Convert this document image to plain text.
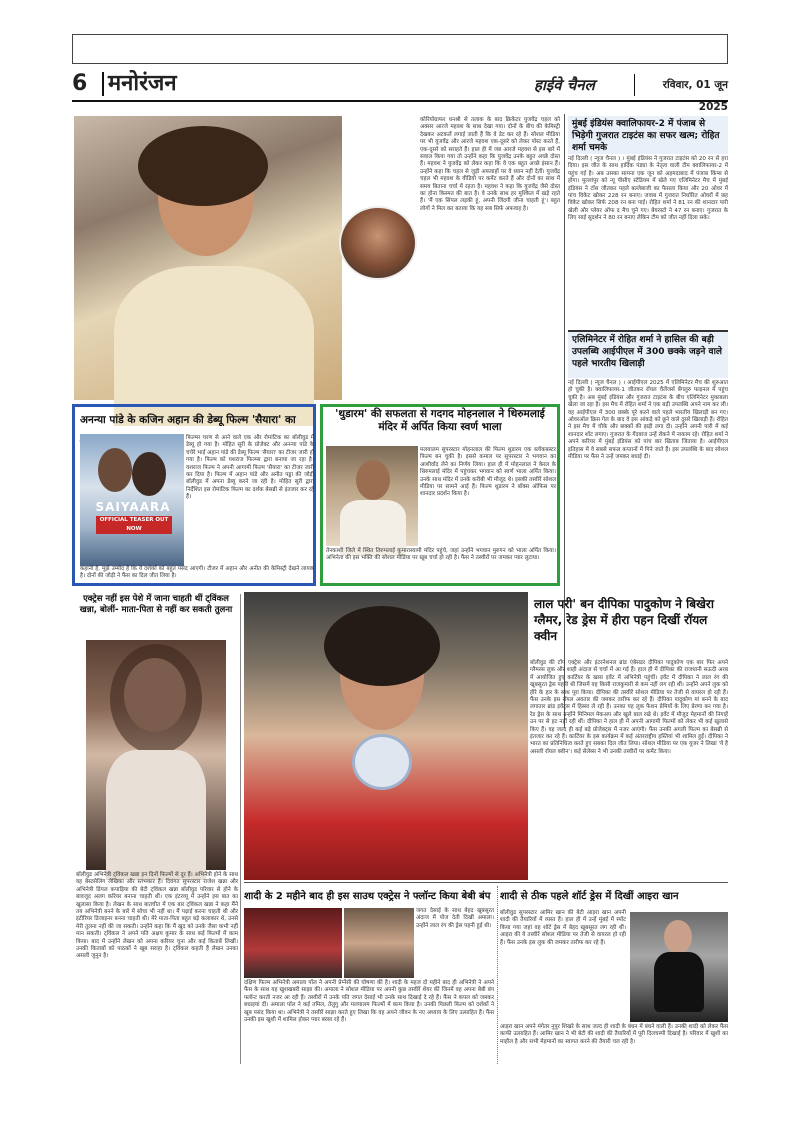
6 मनोरंजन	हाईवे चैनल	रविवार, 01 जून 2025
कोरियोग्राफर धनश्री से तलाक के बाद क्रिकेटर युजवेंद्र चहल को अक्सर आरजे महवश के साथ देखा गया। दोनों के बीच की केमिस्ट्री देखकर अटकलें लगाई जाती हैं कि वे डेट कर रहे हैं। सोशल मीडिया पर भी युजवेंद्र और आरजे महवश एक-दूसरे को लेकर पोस्ट करते हैं, एक-दूसरे को सराहते हैं। हाल ही में जब आरजे महवश से इस बारे में सवाल किया गया तो उन्होंने कहा कि युजवेंद्र उनके बहुत अच्छे दोस्त हैं। महवश ने युजवेंद्र को लेकर कहा कि वे एक बहुत अच्छे इंसान हैं। उन्होंने कहा कि चहल से जुड़ी अफवाहों पर वे ध्यान नहीं देतीं। युजवेंद्र चहल भी महवश के वीडियो पर कमेंट करते हैं और दोनों का साथ में समय बिताना चर्चा में रहता है। महवश ने कहा कि युजवेंद्र जैसे दोस्त का होना किस्मत की बात है। वे उनके साथ हर मुश्किल में खड़े रहते हैं। 'मैं एक सिंपल लड़की हूं, अपनी जिंदगी जीना चाहती हूं'। बहुत लोगों ने मिल कर बताया कि यह सब सिर्फ अफवाह है।
मुंबई इंडियंस क्वालिफायर-2 में पंजाब से भिड़ेगी गुजरात टाइटंस का सफर खत्म; रोहित शर्मा चमके
नई दिल्ली ( न्यूज चैनल ) । मुंबई इंडियंस ने गुजरात टाइटंस को 20 रन से हरा दिया। इस जीत के साथ हार्दिक पंड्या के नेतृत्व वाली टीम क्वालिफायर-2 में पहुंच गई है। अब उसका सामना एक जून को अहमदाबाद में पंजाब किंग्स से होगा। मुल्लांपुर को न्यू पीसीए स्टेडियम में खेले गए एलिमिनेटर मैच में मुंबई इंडियंस ने टॉस जीतकर पहले बल्लेबाजी का फैसला किया और 20 ओवर में पांच विकेट खोकर 228 रन बनाए। जवाब में गुजरात निर्धारित ओवरों में छह विकेट खोकर सिर्फ 208 रन बना पाई। रोहित शर्मा ने 81 रन की शानदार पारी खेली और प्लेयर ऑफ द मैच चुने गए। बेयरस्टो ने 47 रन बनाए। गुजरात के लिए साई सुदर्शन ने 80 रन बनाए लेकिन टीम को जीत नहीं दिला सके।
एलिमिनेटर में रोहित शर्मा ने हासिल की बड़ी उपलब्धि आईपीएल में 300 छक्के जड़ने वाले पहले भारतीय खिलाड़ी
नई दिल्ली ( न्यूज चैनल ) । आईपीएल 2025 में एलिमिनेटर मैच की शुरुआत हो चुकी है। क्वालिफायर-1 जीतकर रॉयल चैलेंजर्स बेंगलुरु फाइनल में पहुंच चुकी है। अब मुंबई इंडियंस और गुजरात टाइटंस के बीच एलिमिनेटर मुकाबला खेला जा रहा है। इस मैच में रोहित शर्मा ने एक बड़ी उपलब्धि अपने नाम कर ली। वह आईपीएल में 300 छक्के पूरे करने वाले पहले भारतीय खिलाड़ी बन गए। ओवरऑल क्रिस गेल के बाद वे इस आंकड़े को छूने वाले दूसरे खिलाड़ी हैं। रोहित ने इस मैच में चौके और छक्कों की झड़ी लगा दी। उन्होंने अपनी पारी में कई शानदार शॉट लगाए। गुजरात के गेंदबाज उन्हें रोकने में नाकाम रहे। रोहित शर्मा ने अपने करियर में मुंबई इंडियंस को पांच बार खिताब जिताया है। आईपीएल इतिहास में वे सबसे सफल कप्तानों में गिने जाते हैं। इस उपलब्धि के बाद सोशल मीडिया पर फैंस ने उन्हें जमकर बधाई दी।
अनन्या पांडे के कजिन अहान की डेब्यू फिल्म 'सैयारा' का
SAIYAARA
OFFICIAL TEASER OUT NOW
फिल्म्स चरण से आने वाले एक और रोमांटिक का बॉलीवुड में डेब्यू हो गया है। मोहित सूरी के प्रोजेक्ट और अनन्या पांडे के चचेरे भाई अहान पांडे की डेब्यू फिल्म 'सैयारा' का टीजर जारी हो गया है। फिल्म को यशराज फिल्म्स द्वारा बनाया जा रहा है। यशराज फिल्म ने अपनी आगामी फिल्म 'सैयारा' का टीजर जारी कर दिया है। फिल्म में अहान पांडे और अनीत पड्डा की जोड़ी बॉलीवुड में अपना डेब्यू करने जा रही है। मोहित सूरी द्वारा निर्देशित इस रोमांटिक फिल्म का दर्शक बेसब्री से इंतजार कर रहे हैं।
कहानी है, मुझे उम्मीद है कि ये दर्शकों को बहुत पसंद आएगी। टीजर में अहान और अनीत की केमिस्ट्री देखने लायक है। दोनों की जोड़ी ने फैंस का दिल जीत लिया है।
'थुडारम' की सफलता से गदगद मोहनलाल ने थिरुमलाई मंदिर में अर्पित किया स्वर्ण भाला
मलयालम सुपरस्टार मोहनलाल की फिल्म थुडारम एक ब्लॉकबस्टर फिल्म बन चुकी है। इससे कमाल पर सुपरस्टार ने भगवान का आशीर्वाद लेने का निर्णय लिया। हाल ही में मोहनलाल ने केरल के थिरुमलाई मंदिर में पहुंचकर भगवान को स्वर्ण भाला अर्पित किया। उनके साथ मंदिर में उनके करीबी भी मौजूद थे। इसकी तस्वीरें सोशल मीडिया पर सामने आई हैं। फिल्म थुडारम ने बॉक्स ऑफिस पर शानदार प्रदर्शन किया है।
तेनकाशी जिले में स्थित तिरुमलाई कुमारास्वामी मंदिर पहुंचे, जहां उन्होंने भगवान मुरुगन को भाला अर्पित किया। अभिनेता की इस भक्ति की सोशल मीडिया पर खूब चर्चा हो रही है। फैंस ने तस्वीरों पर जमकर प्यार लुटाया।
एक्ट्रेस नहीं इस पेशे में जाना चाहती थीं ट्विंकल खन्ना, बोलीं- माता-पिता से नहीं कर सकती तुलना
बॉलीवुड अभिनेत्री ट्विंकल खन्ना इन दिनों फिल्मों से दूर हैं। अभिनेत्री होने के साथ वह बेस्टसेलिंग लेखिका और स्तंभकार हैं। दिवंगत सुपरस्टार राजेश खन्ना और अभिनेत्री डिंपल कपाड़िया की बेटी ट्विंकल खन्ना बॉलीवुड परिवार से होने के बावजूद अलग करियर बनाना चाहती थीं। एक इंटरव्यू में उन्होंने इस बात का खुलासा किया है। लेखन के साथ बातचीत में एक बार ट्विंकल खन्ना ने कहा मैंने तय अभिनेत्री बनने के बारे में सोचा भी नहीं था। मैं पढ़ाई करना चाहती थी और इंटीरियर डिजाइनर बनना चाहती थी। मेरे माता-पिता बहुत बड़े कलाकार थे, उनसे मेरी तुलना नहीं की जा सकती। उन्होंने कहा कि मैं खुद को उनके जैसा कभी नहीं मान सकती। ट्विंकल ने अपने पति अक्षय कुमार के साथ कई फिल्मों में काम किया। बाद में उन्होंने लेखन को अपना करियर चुना और कई किताबें लिखीं। उनकी किताबों को पाठकों ने खूब सराहा है। ट्विंकल कहती हैं लेखन उनका असली जुनून है।
लाल परी' बन दीपिका पादुकोण ने बिखेरा ग्लैमर, रेड ड्रेस में हीरा पहन दिखीं रॉयल क्वीन
बॉलीवुड की टॉप एक्ट्रेस और इंटरनेशनल ब्रांड एंबेसडर दीपिका पादुकोण एक बार फिर अपने ग्लैमरस लुक और शाही अंदाज से चर्चा में आ गई हैं। हाल ही में दीपिका की राजधानी सऊदी अरब में आयोजित हुए कार्टियर के खास इवेंट में अभिनेत्री पहुंचीं। इवेंट में दीपिका ने लाल रंग की खूबसूरत ड्रेस पहनी थी जिसमें वह किसी राजकुमारी से कम नहीं लग रही थीं। उन्होंने अपने लुक को हीरे के हार के साथ पूरा किया। दीपिका की तस्वीरें सोशल मीडिया पर तेजी से वायरल हो रही हैं। फैंस उनके इस रॉयल अवतार की जमकर तारीफ कर रहे हैं। दीपिका पादुकोण मां बनने के बाद लगातार ब्रांड इवेंट्स में हिस्सा ले रही हैं। उनका यह लुक फैशन प्रेमियों के लिए प्रेरणा बन गया है। रेड ड्रेस के साथ उन्होंने मिनिमल मेकअप और खुले बाल रखे थे। इवेंट में मौजूद मेहमानों की निगाहें उन पर से हट नहीं रही थीं। दीपिका ने हाल ही में अपनी आगामी फिल्मों को लेकर भी कई खुलासे किए हैं। वह जल्द ही कई बड़े प्रोजेक्ट्स में नजर आएंगी। फैंस उनकी अगली फिल्म का बेसब्री से इंतजार कर रहे हैं। कार्टियर के इस कार्यक्रम में कई अंतरराष्ट्रीय हस्तियां भी शामिल हुईं। दीपिका ने भारत का प्रतिनिधित्व करते हुए सबका दिल जीत लिया। सोशल मीडिया पर एक यूजर ने लिखा 'ये है असली रॉयल क्वीन'। कई सेलेब्स ने भी उनकी तस्वीरों पर कमेंट किया।
शादी के 2 महीने बाद ही इस साउथ एक्ट्रेस ने फ्लॉन्ट किया बेबी बंप
जगत देसाई के साथ बेहद खूबसूरत अंदाज में पोज देती दिखीं अमाला। उन्होंने लाल रंग की ड्रेस पहनी हुई थी।
दक्षिण फिल्म अभिनेत्री अमाला पॉल ने अपनी प्रेग्नेंसी की घोषणा की है। शादी के महज दो महीने बाद ही अभिनेत्री ने अपने फैंस के साथ यह खुशखबरी साझा की। अमाला ने सोशल मीडिया पर अपनी कुछ तस्वीरें शेयर कीं जिनमें वह अपना बेबी बंप फ्लॉन्ट करती नजर आ रही हैं। तस्वीरों में उनके पति जगत देसाई भी उनके साथ दिखाई दे रहे हैं। फैंस ने कपल को जमकर बधाइयां दीं। अमाला पॉल ने कई तमिल, तेलुगु और मलयालम फिल्मों में काम किया है। उनकी पिछली फिल्म को दर्शकों ने खूब पसंद किया था। अभिनेत्री ने तस्वीरें साझा करते हुए लिखा कि वह अपने जीवन के नए अध्याय के लिए उत्साहित हैं। फैंस उनकी इस खुशी में शामिल होकर प्यार बरसा रहे हैं।
शादी से ठीक पहले शॉर्ट ड्रेस में दिखीं आइरा खान
बॉलीवुड सुपरस्टार आमिर खान की बेटी आइरा खान अपनी शादी की तैयारियों में व्यस्त हैं। हाल ही में उन्हें मुंबई में स्पॉट किया गया जहां वह शॉर्ट ड्रेस में बेहद खूबसूरत लग रही थीं। आइरा की ये तस्वीरें सोशल मीडिया पर तेजी से वायरल हो रही हैं। फैंस उनके इस लुक की जमकर तारीफ कर रहे हैं।
आइरा खान अपने मंगेतर नुपुर शिखरे के साथ जल्द ही शादी के बंधन में बंधने वाली हैं। उनकी शादी को लेकर फैंस काफी उत्साहित हैं। आमिर खान ने भी बेटी की शादी की तैयारियों में पूरी दिलचस्पी दिखाई है। परिवार में खुशी का माहौल है और सभी मेहमानों का स्वागत करने की तैयारी चल रही है।
